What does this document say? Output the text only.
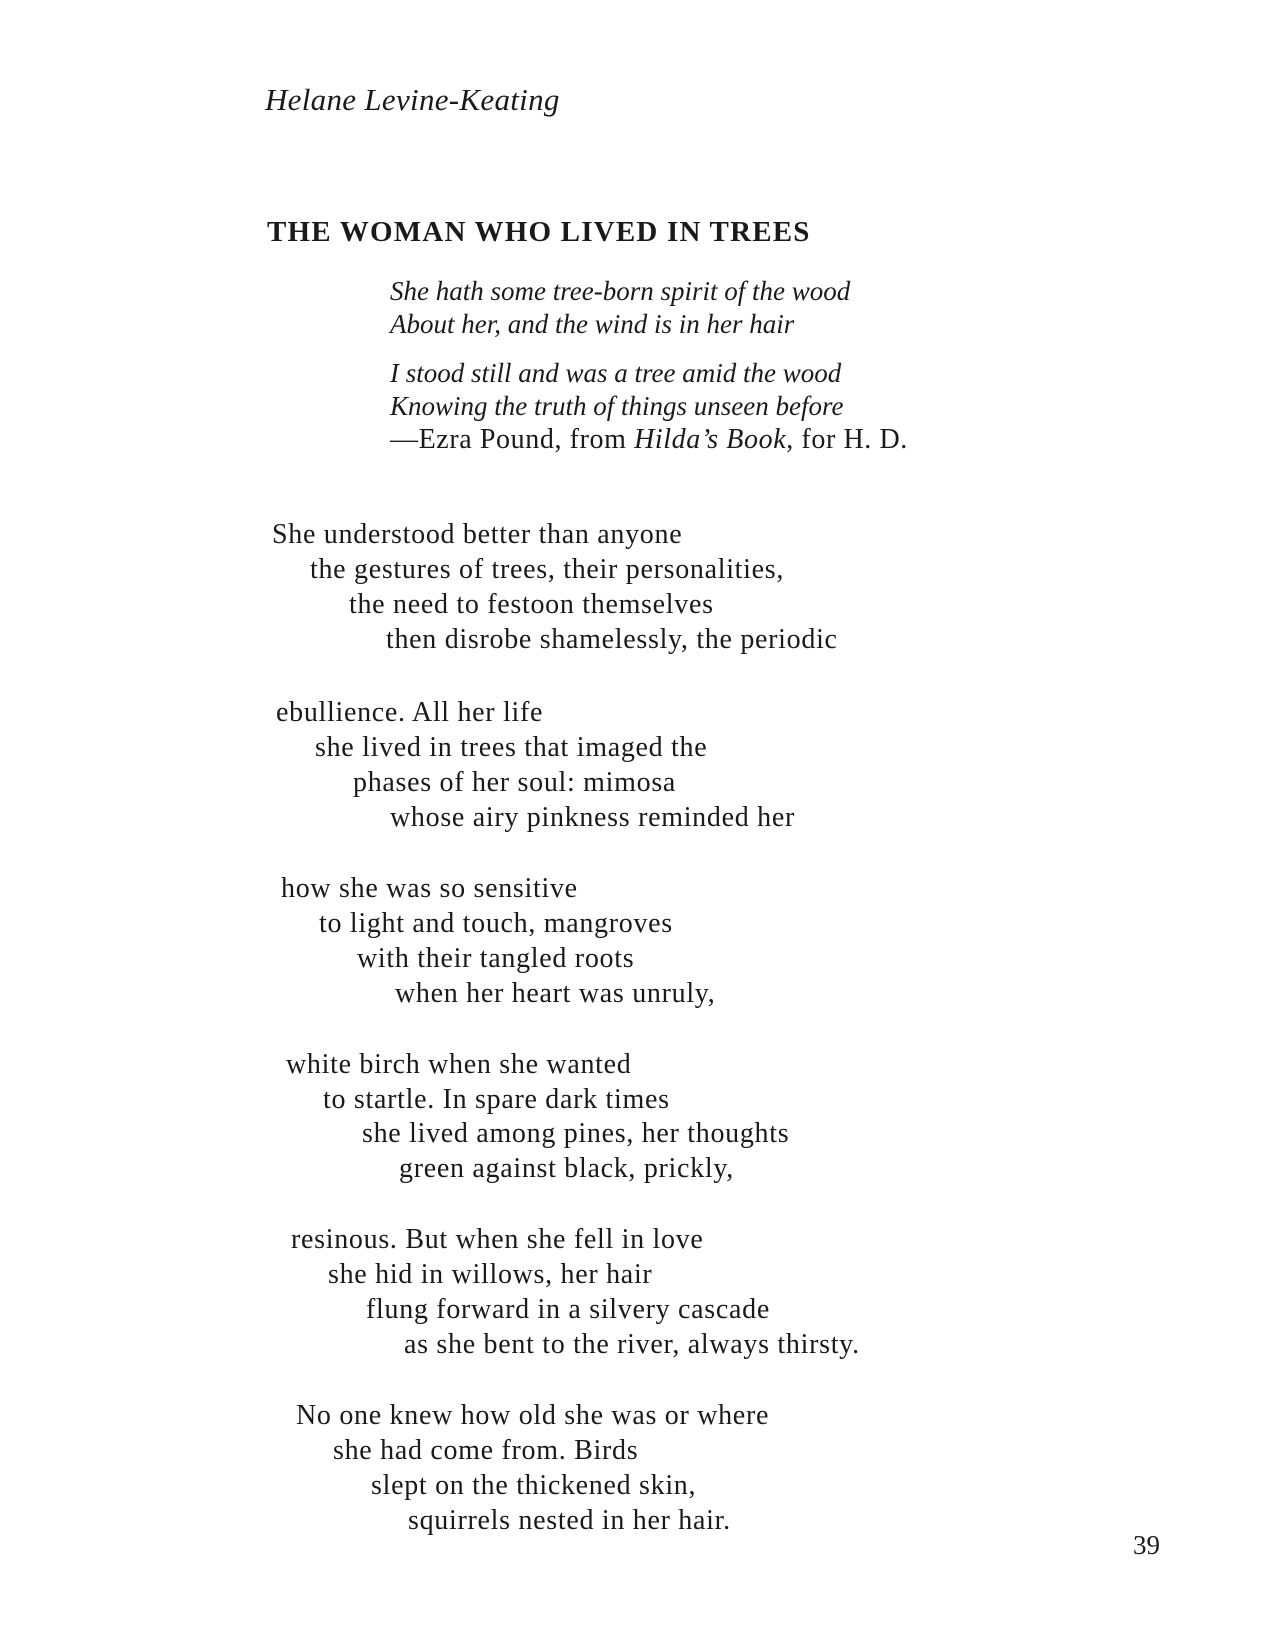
Helane Levine-Keating
THE WOMAN WHO LIVED IN TREES
She hath some tree-born spirit of the wood
About her, and the wind is in her hair
I stood still and was a tree amid the wood
Knowing the truth of things unseen before
—Ezra Pound, from Hilda’s Book, for H. D.
She understood better than anyone
the gestures of trees, their personalities,
the need to festoon themselves
then disrobe shamelessly, the periodic
ebullience. All her life
she lived in trees that imaged the
phases of her soul: mimosa
whose airy pinkness reminded her
how she was so sensitive
to light and touch, mangroves
with their tangled roots
when her heart was unruly,
white birch when she wanted
to startle. In spare dark times
she lived among pines, her thoughts
green against black, prickly,
resinous. But when she fell in love
she hid in willows, her hair
flung forward in a silvery cascade
as she bent to the river, always thirsty.
No one knew how old she was or where
she had come from. Birds
slept on the thickened skin,
squirrels nested in her hair.
39
